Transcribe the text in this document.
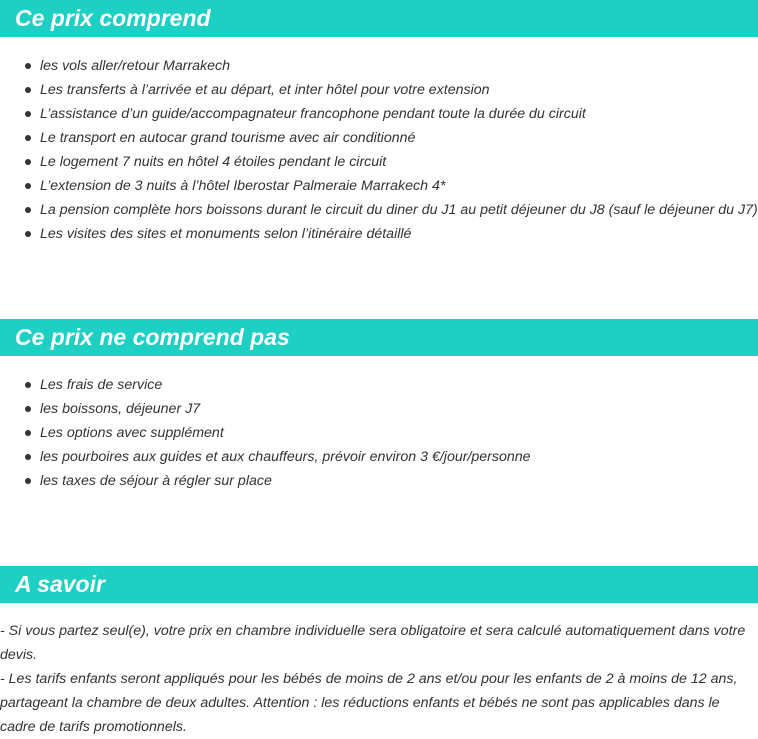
Ce prix comprend
les vols aller/retour Marrakech
Les transferts à l’arrivée et au départ, et inter hôtel pour votre extension
L’assistance d’un guide/accompagnateur francophone pendant toute la durée du circuit
Le transport en autocar grand tourisme avec air conditionné
Le logement 7 nuits en hôtel 4 étoiles pendant le circuit
L’extension de 3 nuits à l’hôtel Iberostar Palmeraie Marrakech 4*
La pension complète hors boissons durant le circuit du diner du J1 au petit déjeuner du J8 (sauf le déjeuner du J7)
Les visites des sites et monuments selon l’itinéraire détaillé
Ce prix ne comprend pas
Les frais de service
les boissons, déjeuner J7
Les options avec supplément
les pourboires aux guides et aux chauffeurs, prévoir environ 3 €/jour/personne
les taxes de séjour à régler sur place
A savoir

- Si vous partez seul(e), votre prix en chambre individuelle sera obligatoire et sera calculé automatiquement dans votre devis.

- Les tarifs enfants seront appliqués pour les bébés de moins de 2 ans et/ou pour les enfants de 2 à moins de 12 ans, partageant la chambre de deux adultes. Attention : les réductions enfants et bébés ne sont pas applicables dans le cadre de tarifs promotionnels.
